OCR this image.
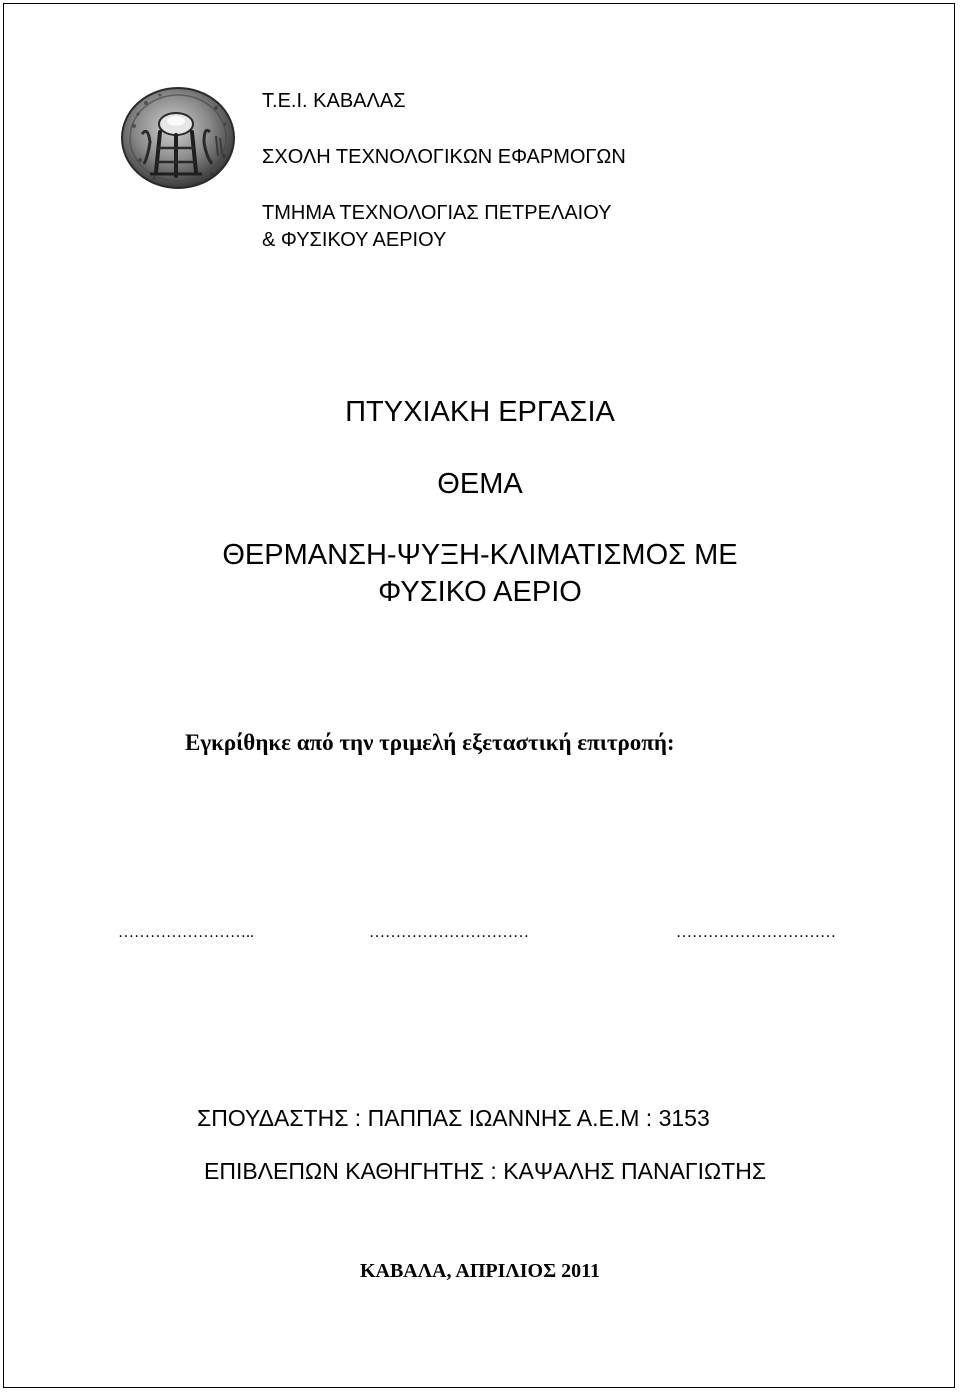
Τ.Ε.Ι. ΚΑΒΑΛΑΣ

ΣΧΟΛΗ ΤΕΧΝΟΛΟΓΙΚΩΝ ΕΦΑΡΜΟΓΩΝ

ΤΜΗΜΑ ΤΕΧΝΟΛΟΓΙΑΣ ΠΕΤΡΕΛΑΙΟΥ

& ΦΥΣΙΚΟΥ ΑΕΡΙΟΥ

ΠΤΥΧΙΑΚΗ ΕΡΓΑΣΙΑ

ΘΕΜΑ

ΘΕΡΜΑΝΣΗ-ΨΥΞΗ-ΚΛΙΜΑΤΙΣΜΟΣ ΜΕ

ΦΥΣΙΚΟ ΑΕΡΙΟ

Εγκρίθηκε από την τριμελή εξεταστική επιτροπή:

……………………..	…………………………	…………………………

ΣΠΟΥΔΑΣΤΗΣ : ΠΑΠΠΑΣ ΙΩΑΝΝΗΣ Α.Ε.Μ : 3153

ΕΠΙΒΛΕΠΩΝ ΚΑΘΗΓΗΤΗΣ : ΚΑΨΑΛΗΣ ΠΑΝΑΓΙΩΤΗΣ

ΚΑΒΑΛΑ, ΑΠΡΙΛΙΟΣ 2011
